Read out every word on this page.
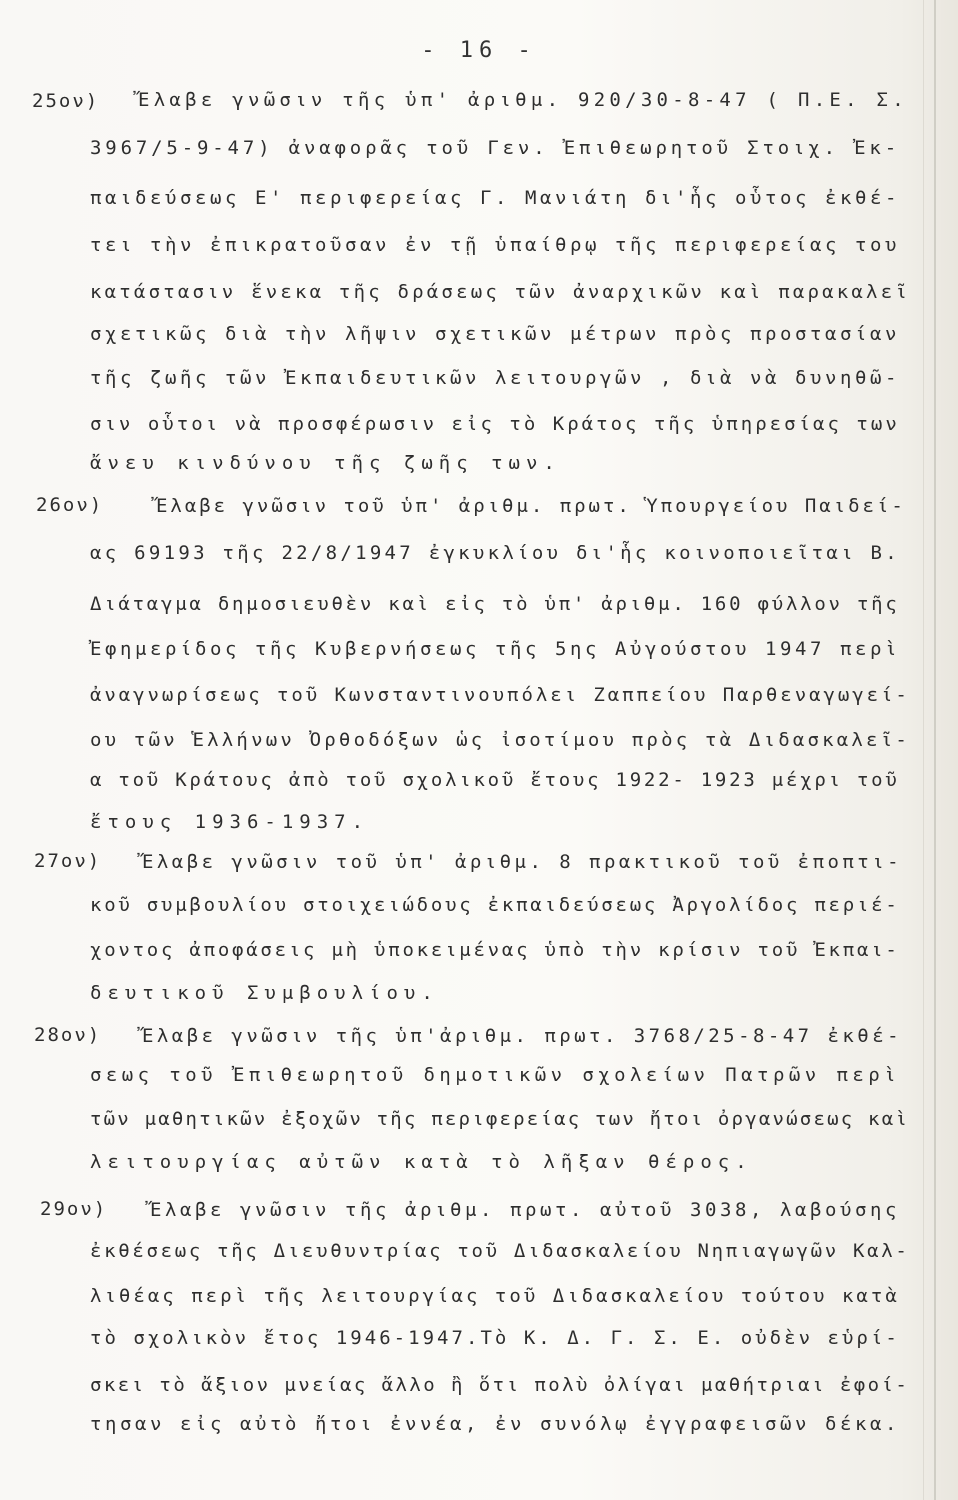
- 16 -
25ον) Ἔλαβε γνῶσιν τῆς ὑπ' ἀριθμ. 920/30-8-47 ( Π.Ε. Σ.
3967/5-9-47) ἀναφορᾶς τοῦ Γεν. Ἐπιθεωρητοῦ Στοιχ. Ἐκ-
παιδεύσεως Ε' περιφερείας Γ. Μανιάτη δι'ἧς οὗτος ἐκθέ-
τει τὴν ἐπικρατοῦσαν ἐν τῇ ὑπαίθρῳ τῆς περιφερείας του
κατάστασιν ἕνεκα τῆς δράσεως τῶν ἀναρχικῶν καὶ παρακαλεῖ
σχετικῶς διὰ τὴν λῆψιν σχετικῶν μέτρων πρὸς προστασίαν
τῆς ζωῆς τῶν Ἐκπαιδευτικῶν λειτουργῶν , διὰ νὰ δυνηθῶ-
σιν οὗτοι νὰ προσφέρωσιν εἰς τὸ Κράτος τῆς ὑπηρεσίας των
ἄνευ κινδύνου τῆς ζωῆς των.
26ον)	Ἔλαβε γνῶσιν τοῦ ὑπ' ἀριθμ. πρωτ. Ὑπουργείου Παιδεί-
ας 69193 τῆς 22/8/1947 ἐγκυκλίου δι'ἧς κοινοποιεῖται Β.
Διάταγμα δημοσιευθὲν καὶ εἰς τὸ ὑπ' ἀριθμ. 160 φύλλον τῆς
Ἐφημερίδος τῆς Κυβερνήσεως τῆς 5ης Αὐγούστου 1947 περὶ
ἀναγνωρίσεως τοῦ Κωνσταντινουπόλει Ζαππείου Παρθεναγωγεί-
ου τῶν Ἑλλήνων Ὀρθοδόξων ὡς ἰσοτίμου πρὸς τὰ Διδασκαλεῖ-
α τοῦ Κράτους ἀπὸ τοῦ σχολικοῦ ἔτους 1922- 1923 μέχρι τοῦ
ἔτους 1936-1937.
27ον) Ἔλαβε γνῶσιν τοῦ ὑπ' ἀριθμ. 8 πρακτικοῦ τοῦ ἐποπτι-
κοῦ συμβουλίου στοιχειώδους ἐκπαιδεύσεως Ἀργολίδος περιέ-
χοντος ἀποφάσεις μὴ ὑποκειμένας ὑπὸ τὴν κρίσιν τοῦ Ἐκπαι-
δευτικοῦ Συμβουλίου.
28ον) Ἔλαβε γνῶσιν τῆς ὑπ'ἀριθμ. πρωτ. 3768/25-8-47 ἐκθέ-
σεως τοῦ Ἐπιθεωρητοῦ δημοτικῶν σχολείων Πατρῶν περὶ
τῶν μαθητικῶν ἐξοχῶν τῆς περιφερείας των ἤτοι ὀργανώσεως καὶ
λειτουργίας αὐτῶν κατὰ τὸ λῆξαν θέρος.
29ον) Ἔλαβε γνῶσιν τῆς ἀριθμ. πρωτ. αὐτοῦ 3038, λαβούσης
ἐκθέσεως τῆς Διευθυντρίας τοῦ Διδασκαλείου Νηπιαγωγῶν Καλ-
λιθέας περὶ τῆς λειτουργίας τοῦ Διδασκαλείου τούτου κατὰ
τὸ σχολικὸν ἔτος 1946-1947.Τὸ Κ. Δ. Γ. Σ. Ε. οὐδὲν εὑρί-
σκει τὸ ἄξιον μνείας ἄλλο ἢ ὅτι πολὺ ὀλίγαι μαθήτριαι ἐφοί-
τησαν εἰς αὐτὸ ἤτοι ἐννέα, ἐν συνόλῳ ἐγγραφεισῶν δέκα.
